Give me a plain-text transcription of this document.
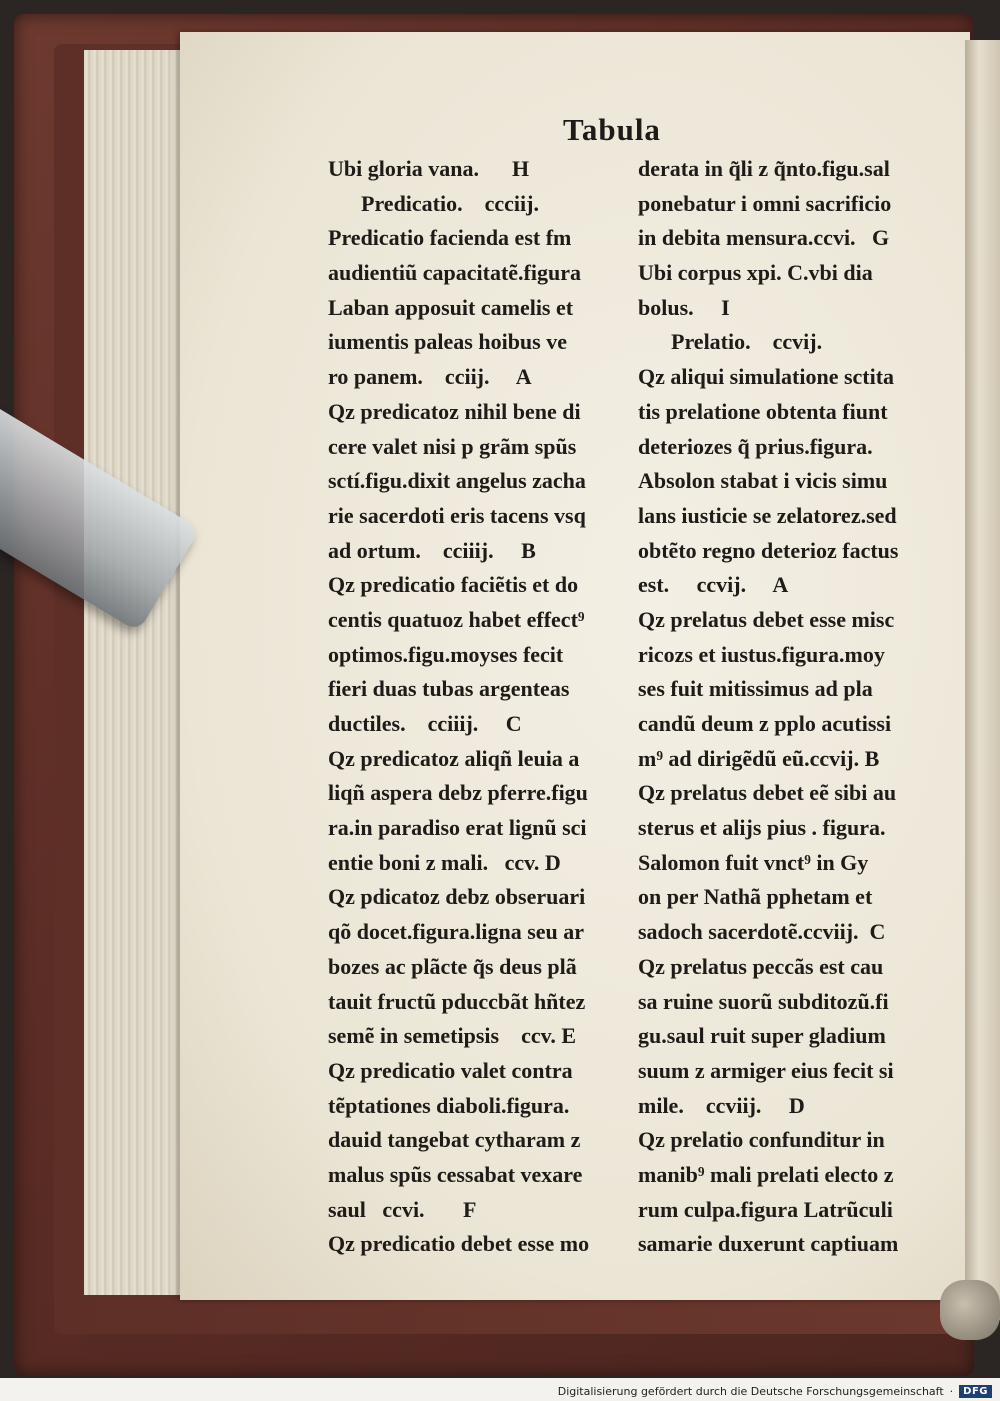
Tabula
Ubi gloria vana.      H
Predicatio.    ccciij.
Predicatio facienda est fm
audientiũ capacitatẽ.figura
Laban apposuit camelis et
iumentis paleas hoibus ve
ro panem.    cciij.     A
Qz predicatoz nihil bene di
cere valet nisi p grãm spũs
sctí.figu.dixit angelus zacha
rie sacerdoti eris tacens vsq
ad ortum.    cciiij.     B
Qz predicatio faciẽtis et do
centis quatuoz habet effect⁹
optimos.figu.moyses fecit
fieri duas tubas argenteas
ductiles.    cciiij.     C
Qz predicatoz aliqñ leuia a
liqñ aspera debz pferre.figu
ra.in paradiso erat lignũ sci
entie boni z mali.   ccv. D
Qz pdicatoz debz obseruari
qõ docet.figura.ligna seu ar
bozes ac plãcte q̃s deus plã
tauit fructũ pduccbãt hñtez
semẽ in semetipsis    ccv. E
Qz predicatio valet contra
tẽptationes diaboli.figura.
dauid tangebat cytharam z
malus spũs cessabat vexare
saul   ccvi.       F
Qz predicatio debet esse mo
derata in q̃li z q̃nto.figu.sal
ponebatur i omni sacrificio
in debita mensura.ccvi.   G
Ubi corpus xpi. C.vbi dia
bolus.     I
Prelatio.    ccvij.
Qz aliqui simulatione sctita
tis prelatione obtenta fiunt
deteriozes q̃ prius.figura.
Absolon stabat i vicis simu
lans iusticie se zelatorez.sed
obtẽto regno deterioz factus
est.     ccvij.     A
Qz prelatus debet esse misc
ricozs et iustus.figura.moy
ses fuit mitissimus ad pla
candũ deum z pplo acutissi
m⁹ ad dirigẽdũ eũ.ccvij. B
Qz prelatus debet eẽ sibi au
sterus et alijs pius . figura.
Salomon fuit vnct⁹ in Gy
on per Nathã pphetam et
sadoch sacerdotẽ.ccviij.  C
Qz prelatus peccãs est cau
sa ruine suorũ subditozũ.fi
gu.saul ruit super gladium
suum z armiger eius fecit si
mile.    ccviij.     D
Qz prelatio confunditur in
manib⁹ mali prelati electo z
rum culpa.figura Latrũculi
samarie duxerunt captiuam
Digitalisierung gefördert durch die Deutsche Forschungsgemeinschaft ·	DFG
